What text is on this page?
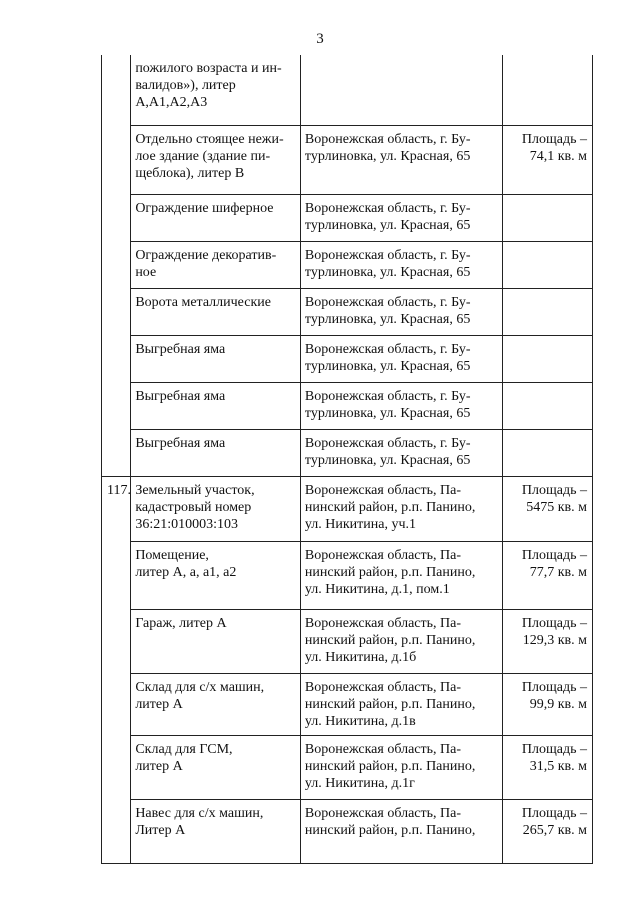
3

	пожилого возраста и ин-
валидов»), литер
А,А1,А2,А3		

	Отдельно стоящее нежи-
лое здание (здание пи-
щеблока), литер В	Воронежская область, г. Бу-
турлиновка, ул. Красная, 65	Площадь –
74,1 кв. м

	Ограждение шиферное	Воронежская область, г. Бу-
турлиновка, ул. Красная, 65	

	Ограждение декоратив-
ное	Воронежская область, г. Бу-
турлиновка, ул. Красная, 65	

	Ворота металлические	Воронежская область, г. Бу-
турлиновка, ул. Красная, 65	

	Выгребная яма	Воронежская область, г. Бу-
турлиновка, ул. Красная, 65	

	Выгребная яма	Воронежская область, г. Бу-
турлиновка, ул. Красная, 65	

	Выгребная яма	Воронежская область, г. Бу-
турлиновка, ул. Красная, 65	

117.	Земельный участок,
кадастровый номер
36:21:010003:103	Воронежская область, Па-
нинский район, р.п. Панино,
ул. Никитина, уч.1	Площадь –
5475 кв. м

	Помещение,
литер А, а, а1, а2	Воронежская область, Па-
нинский район, р.п. Панино,
ул. Никитина, д.1, пом.1	Площадь –
77,7 кв. м

	Гараж, литер А	Воронежская область, Па-
нинский район, р.п. Панино,
ул. Никитина, д.1б	Площадь –
129,3 кв. м

	Склад для с/х машин,
литер А	Воронежская область, Па-
нинский район, р.п. Панино,
ул. Никитина, д.1в	Площадь –
99,9 кв. м

	Склад для ГСМ,
литер А	Воронежская область, Па-
нинский район, р.п. Панино,
ул. Никитина, д.1г	Площадь –
31,5 кв. м

	Навес для с/х машин,
Литер А	Воронежская область, Па-
нинский район, р.п. Панино,	Площадь –
265,7 кв. м
